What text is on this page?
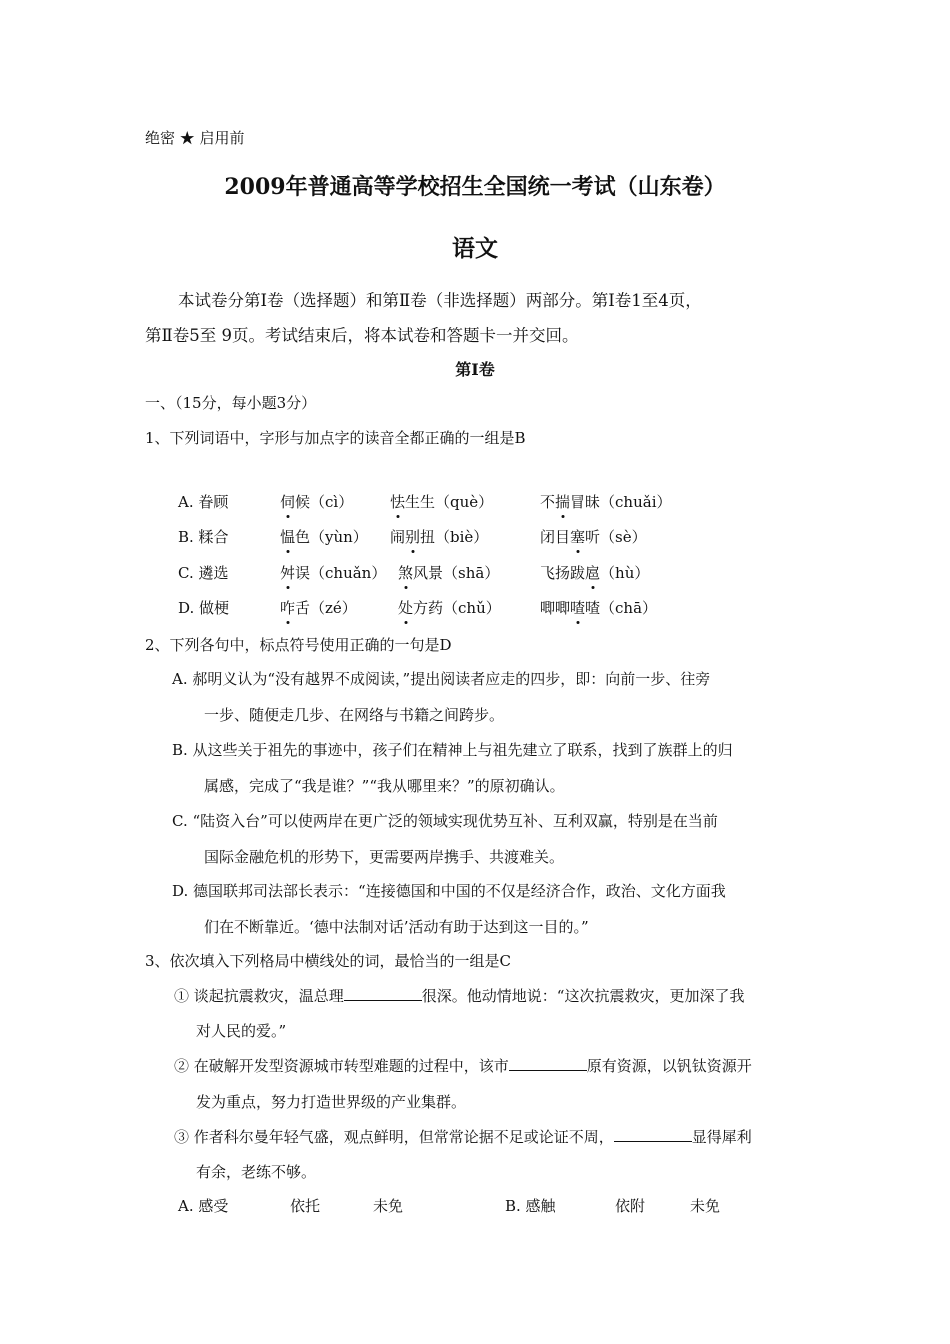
绝密 ★ 启用前
2009年普通高等学校招生全国统一考试（山东卷）
语文
本试卷分第Ⅰ卷（选择题）和第Ⅱ卷（非选择题）两部分。第Ⅰ卷1至4页，
第Ⅱ卷5至 9页。考试结束后，将本试卷和答题卡一并交回。
第Ⅰ卷
一、（15分，每小题3分）
1、下列词语中，字形与加点字的读音全都正确的一组是B
A. 眷顾	伺候（cì） 怯生生（què）	不揣冒昧（chuǎi）
B. 糅合	愠色（yùn） 闹别扭（biè）	闭目塞听（sè）
C. 遴选	舛误（chuǎn） 煞风景（shā）	飞扬跋扈（hù）
D. 做梗	咋舌（zé）	处方药（chǔ）	唧唧喳喳（chā）
2、下列各句中，标点符号使用正确的一句是D
A. 郝明义认为“没有越界不成阅读，”提出阅读者应走的四步，即：向前一步、往旁
一步、随便走几步、在网络与书籍之间跨步。
B. 从这些关于祖先的事迹中，孩子们在精神上与祖先建立了联系，找到了族群上的归
属感，完成了“我是谁？”“我从哪里来？”的原初确认。
C. “陆资入台”可以使两岸在更广泛的领域实现优势互补、互利双赢，特别是在当前
国际金融危机的形势下，更需要两岸携手、共渡难关。
D. 德国联邦司法部长表示：“连接德国和中国的不仅是经济合作，政治、文化方面我
们在不断靠近。‘德中法制对话’活动有助于达到这一目的。”
3、依次填入下列格局中横线处的词，最恰当的一组是C
① 谈起抗震救灾，温总理	很深。他动情地说：“这次抗震救灾，更加深了我
对人民的爱。”
② 在破解开发型资源城市转型难题的过程中，该市	原有资源，以钒钛资源开
发为重点，努力打造世界级的产业集群。
③ 作者科尔曼年轻气盛，观点鲜明，但常常论据不足或论证不周，	显得犀利
有余，老练不够。
A. 感受	依托	未免	B. 感触	依附	未免
